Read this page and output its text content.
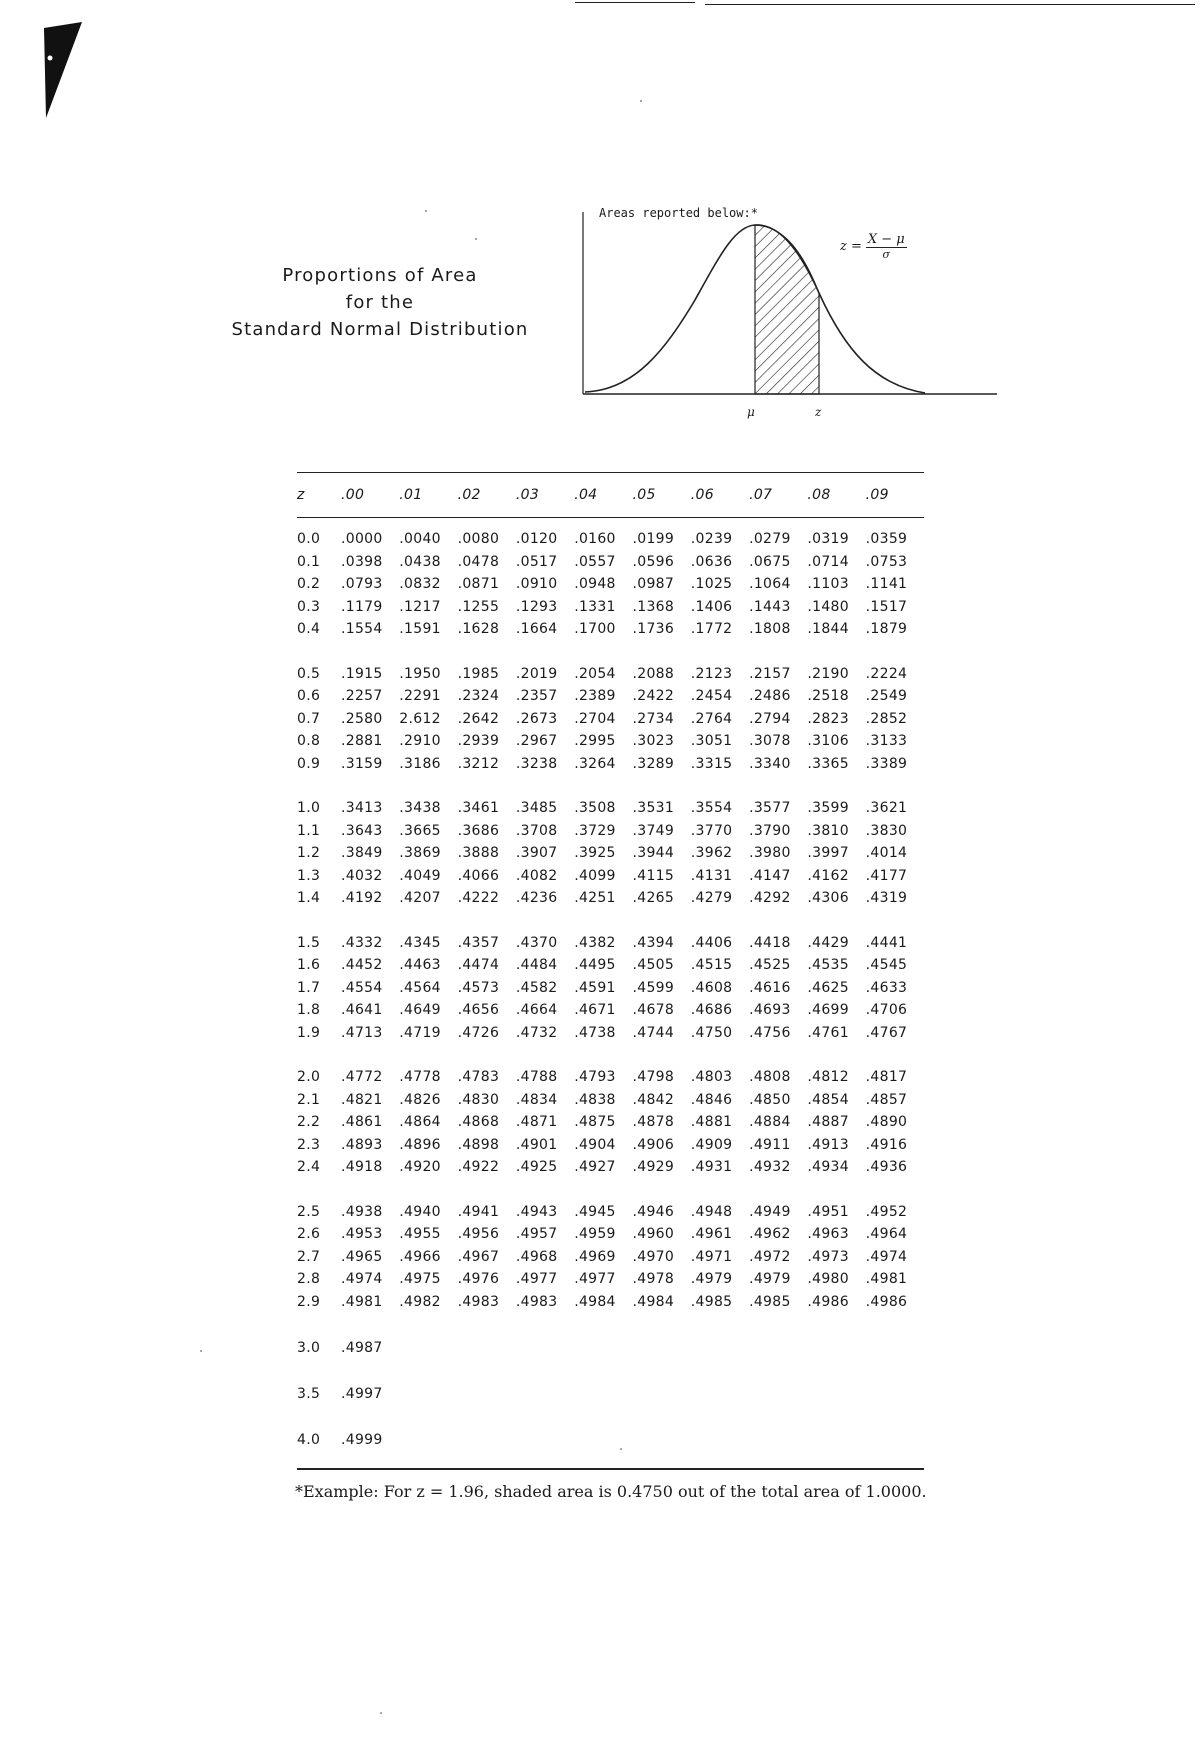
Proportions of Area
for the
Standard Normal Distribution
Areas reported below:*
$z = \frac{X - \mu}{\sigma}$
μ	z
z	.00	.01	.02	.03	.04	.05	.06	.07	.08	.09

0.0	.0000	.0040	.0080	.0120	.0160	.0199	.0239	.0279	.0319	.0359
0.1	.0398	.0438	.0478	.0517	.0557	.0596	.0636	.0675	.0714	.0753
0.2	.0793	.0832	.0871	.0910	.0948	.0987	.1025	.1064	.1103	.1141
0.3	.1179	.1217	.1255	.1293	.1331	.1368	.1406	.1443	.1480	.1517
0.4	.1554	.1591	.1628	.1664	.1700	.1736	.1772	.1808	.1844	.1879

0.5	.1915	.1950	.1985	.2019	.2054	.2088	.2123	.2157	.2190	.2224
0.6	.2257	.2291	.2324	.2357	.2389	.2422	.2454	.2486	.2518	.2549
0.7	.2580	2.612	.2642	.2673	.2704	.2734	.2764	.2794	.2823	.2852
0.8	.2881	.2910	.2939	.2967	.2995	.3023	.3051	.3078	.3106	.3133
0.9	.3159	.3186	.3212	.3238	.3264	.3289	.3315	.3340	.3365	.3389

1.0	.3413	.3438	.3461	.3485	.3508	.3531	.3554	.3577	.3599	.3621
1.1	.3643	.3665	.3686	.3708	.3729	.3749	.3770	.3790	.3810	.3830
1.2	.3849	.3869	.3888	.3907	.3925	.3944	.3962	.3980	.3997	.4014
1.3	.4032	.4049	.4066	.4082	.4099	.4115	.4131	.4147	.4162	.4177
1.4	.4192	.4207	.4222	.4236	.4251	.4265	.4279	.4292	.4306	.4319

1.5	.4332	.4345	.4357	.4370	.4382	.4394	.4406	.4418	.4429	.4441
1.6	.4452	.4463	.4474	.4484	.4495	.4505	.4515	.4525	.4535	.4545
1.7	.4554	.4564	.4573	.4582	.4591	.4599	.4608	.4616	.4625	.4633
1.8	.4641	.4649	.4656	.4664	.4671	.4678	.4686	.4693	.4699	.4706
1.9	.4713	.4719	.4726	.4732	.4738	.4744	.4750	.4756	.4761	.4767

2.0	.4772	.4778	.4783	.4788	.4793	.4798	.4803	.4808	.4812	.4817
2.1	.4821	.4826	.4830	.4834	.4838	.4842	.4846	.4850	.4854	.4857
2.2	.4861	.4864	.4868	.4871	.4875	.4878	.4881	.4884	.4887	.4890
2.3	.4893	.4896	.4898	.4901	.4904	.4906	.4909	.4911	.4913	.4916
2.4	.4918	.4920	.4922	.4925	.4927	.4929	.4931	.4932	.4934	.4936

2.5	.4938	.4940	.4941	.4943	.4945	.4946	.4948	.4949	.4951	.4952
2.6	.4953	.4955	.4956	.4957	.4959	.4960	.4961	.4962	.4963	.4964
2.7	.4965	.4966	.4967	.4968	.4969	.4970	.4971	.4972	.4973	.4974
2.8	.4974	.4975	.4976	.4977	.4977	.4978	.4979	.4979	.4980	.4981
2.9	.4981	.4982	.4983	.4983	.4984	.4984	.4985	.4985	.4986	.4986

3.0	.4987									

3.5	.4997									

4.0	.4999									
*Example: For z = 1.96, shaded area is 0.4750 out of the total area of 1.0000.
